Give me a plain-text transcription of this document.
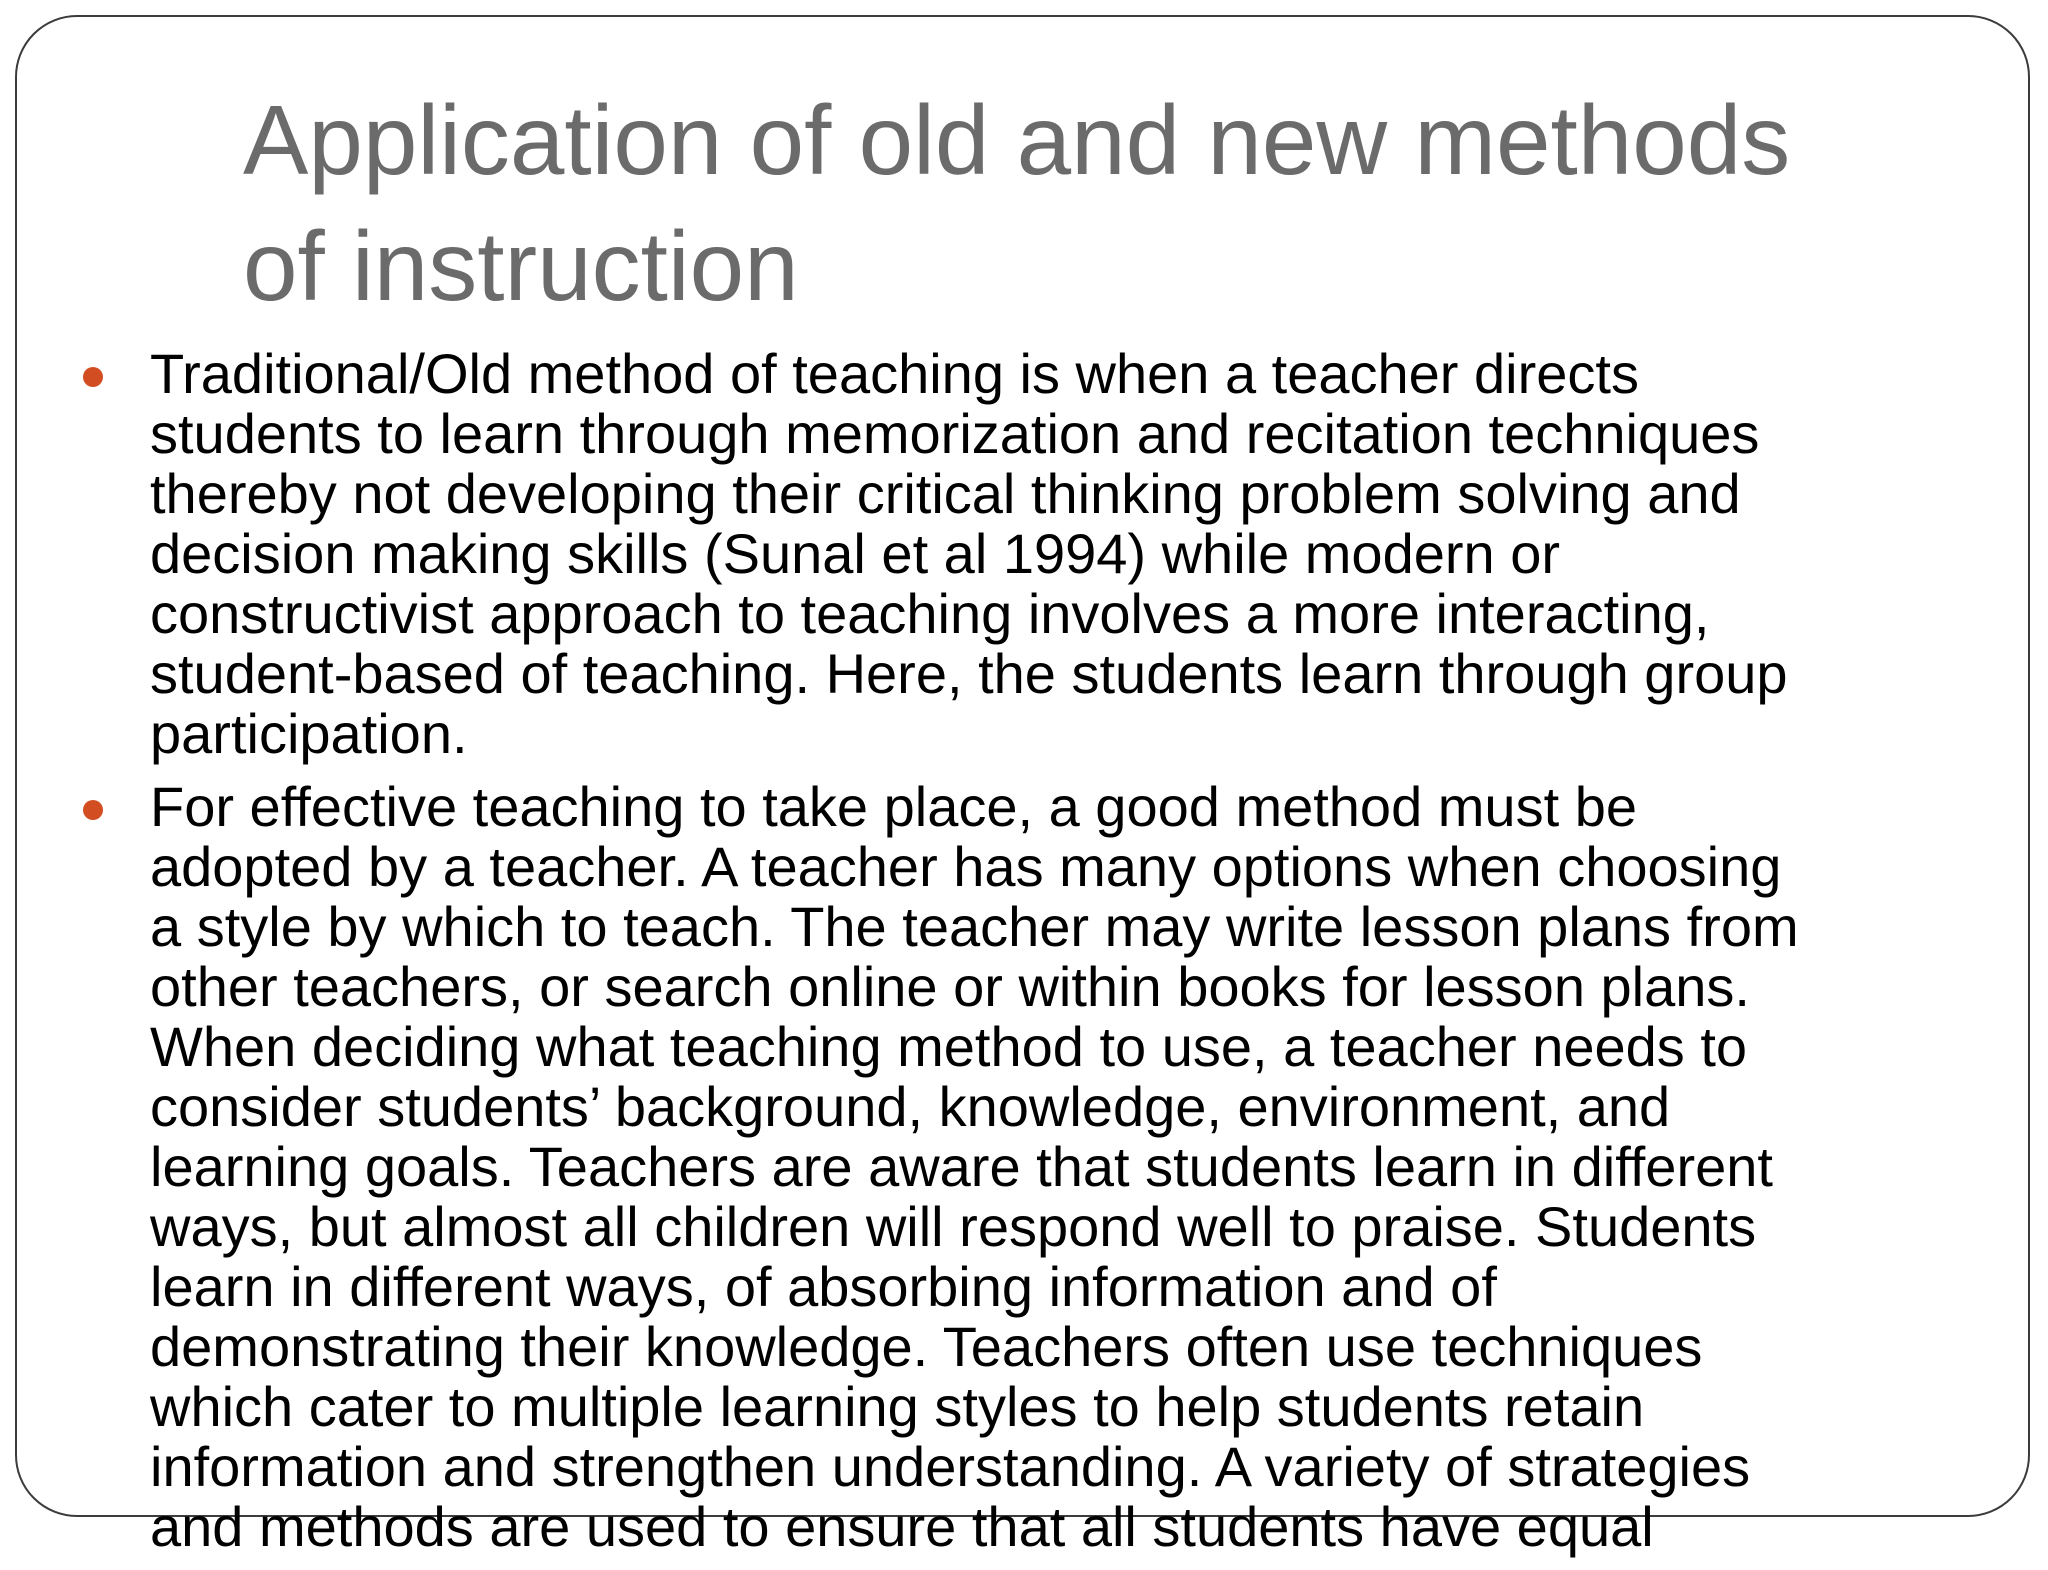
Application of old and new methods
of instruction
Traditional/Old method of teaching is when a teacher directs
students to learn through memorization and recitation techniques
thereby not developing their critical thinking problem solving and
decision making skills (Sunal et al 1994) while modern or
constructivist approach to teaching involves a more interacting,
student-based of teaching. Here, the students learn through group
participation.
For effective teaching to take place, a good method must be
adopted by a teacher. A teacher has many options when choosing
a style by which to teach. The teacher may write lesson plans from
other teachers, or search online or within books for lesson plans.
When deciding what teaching method to use, a teacher needs to
consider students’ background, knowledge, environment, and
learning goals. Teachers are aware that students learn in different
ways, but almost all children will respond well to praise. Students
learn in different ways, of absorbing information and of
demonstrating their knowledge. Teachers often use techniques
which cater to multiple learning styles to help students retain
information and strengthen understanding. A variety of strategies
and methods are used to ensure that all students have equal
